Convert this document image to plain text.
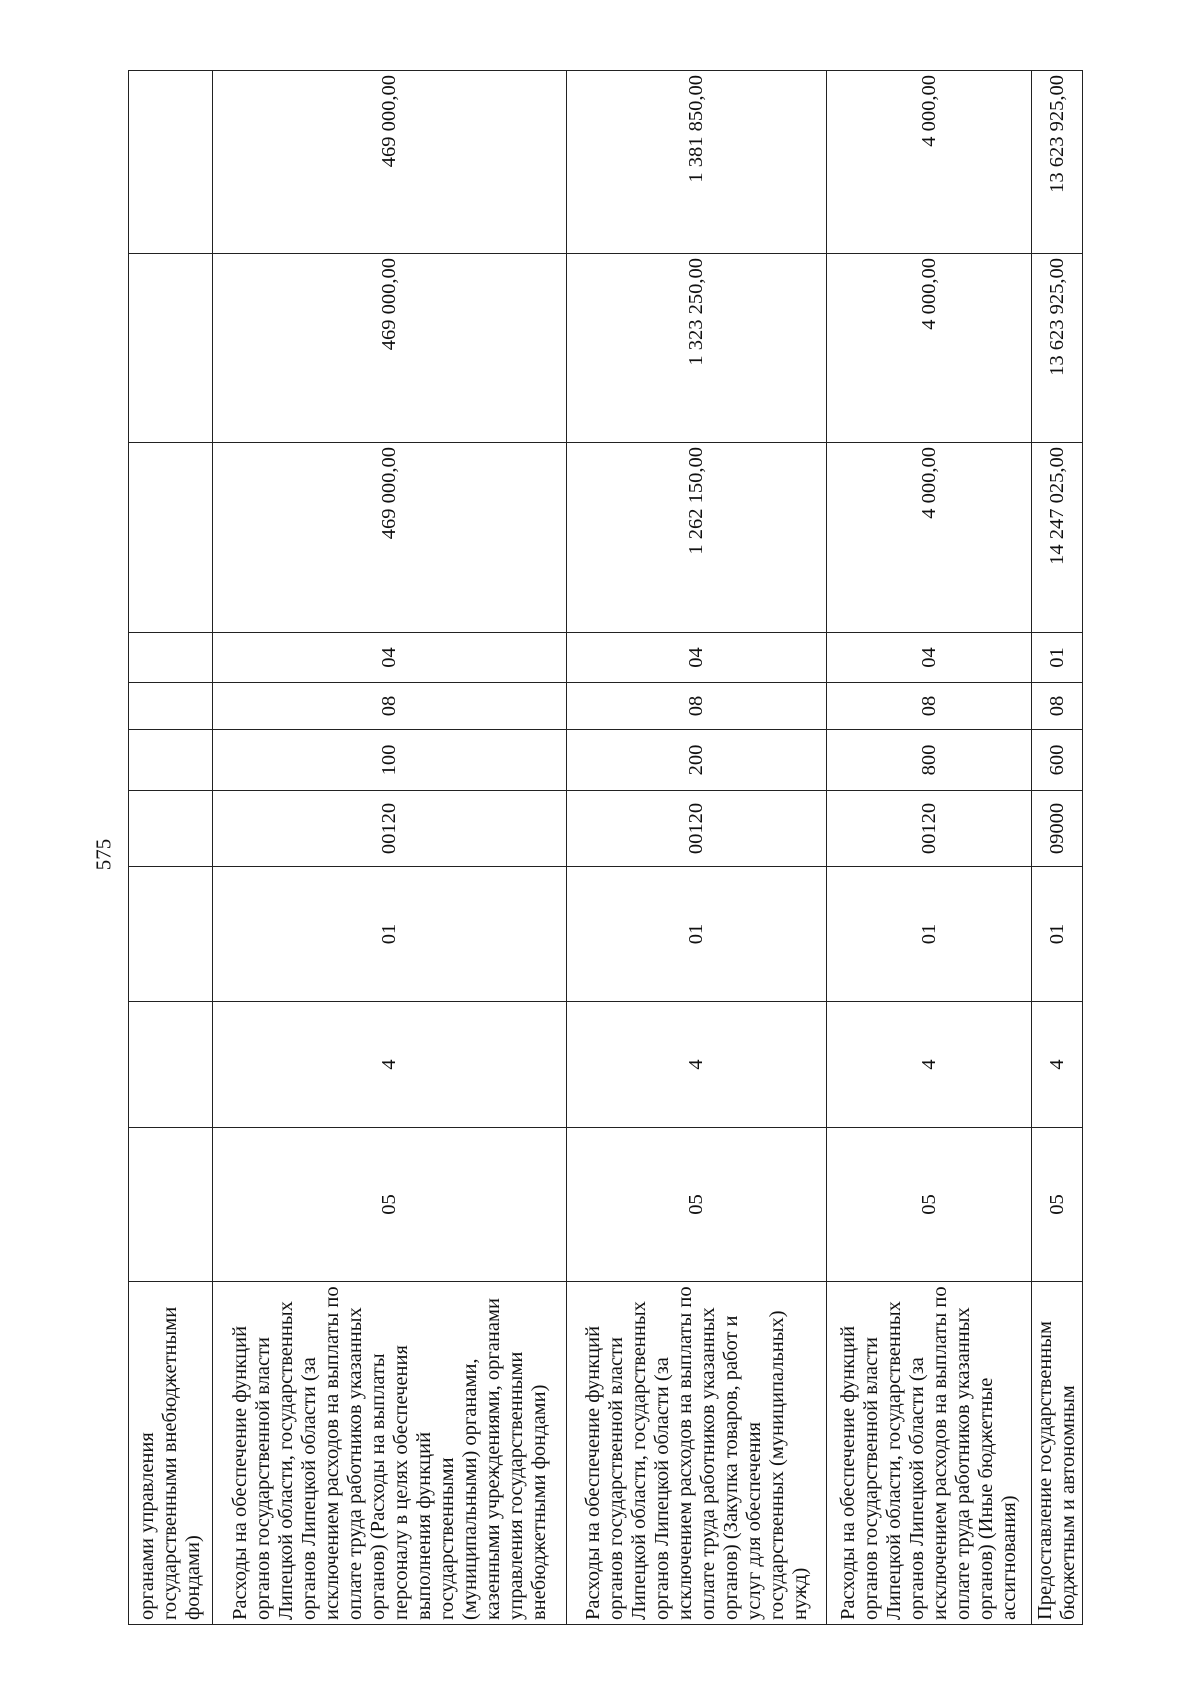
575
органами управления государственными внебюджетными фондами)										
Расходы на обеспечение функций органов государственной власти Липецкой области, государственных органов Липецкой области (за исключением расходов на выплаты по оплате труда работников указанных органов) (Расходы на выплаты персоналу в целях обеспечения выполнения функций государственными (муниципальными) органами, казенными учреждениями, органами управления государственными внебюджетными фондами)	05	4	01	00120	100	08	04	469 000,00	469 000,00	469 000,00
Расходы на обеспечение функций органов государственной власти Липецкой области, государственных органов Липецкой области (за исключением расходов на выплаты по оплате труда работников указанных органов) (Закупка товаров, работ и услуг для обеспечения государственных (муниципальных) нужд)	05	4	01	00120	200	08	04	1 262 150,00	1 323 250,00	1 381 850,00
Расходы на обеспечение функций органов государственной власти Липецкой области, государственных органов Липецкой области (за исключением расходов на выплаты по оплате труда работников указанных органов) (Иные бюджетные ассигнования)	05	4	01	00120	800	08	04	4 000,00	4 000,00	4 000,00
Предоставление государственным бюджетным и автономным	05	4	01	09000	600	08	01	14 247 025,00	13 623 925,00	13 623 925,00
